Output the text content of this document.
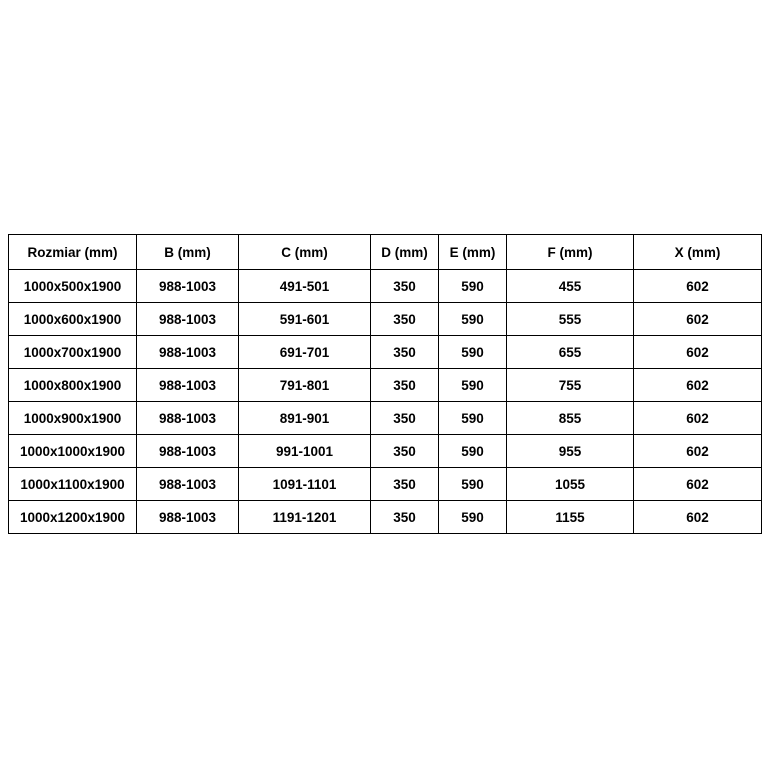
Rozmiar (mm)	B (mm)	C (mm)	D (mm)	E (mm)	F (mm)	X (mm)
1000x500x1900	988-1003	491-501	350	590	455	602
1000x600x1900	988-1003	591-601	350	590	555	602
1000x700x1900	988-1003	691-701	350	590	655	602
1000x800x1900	988-1003	791-801	350	590	755	602
1000x900x1900	988-1003	891-901	350	590	855	602
1000x1000x1900	988-1003	991-1001	350	590	955	602
1000x1100x1900	988-1003	1091-1101	350	590	1055	602
1000x1200x1900	988-1003	1191-1201	350	590	1155	602
